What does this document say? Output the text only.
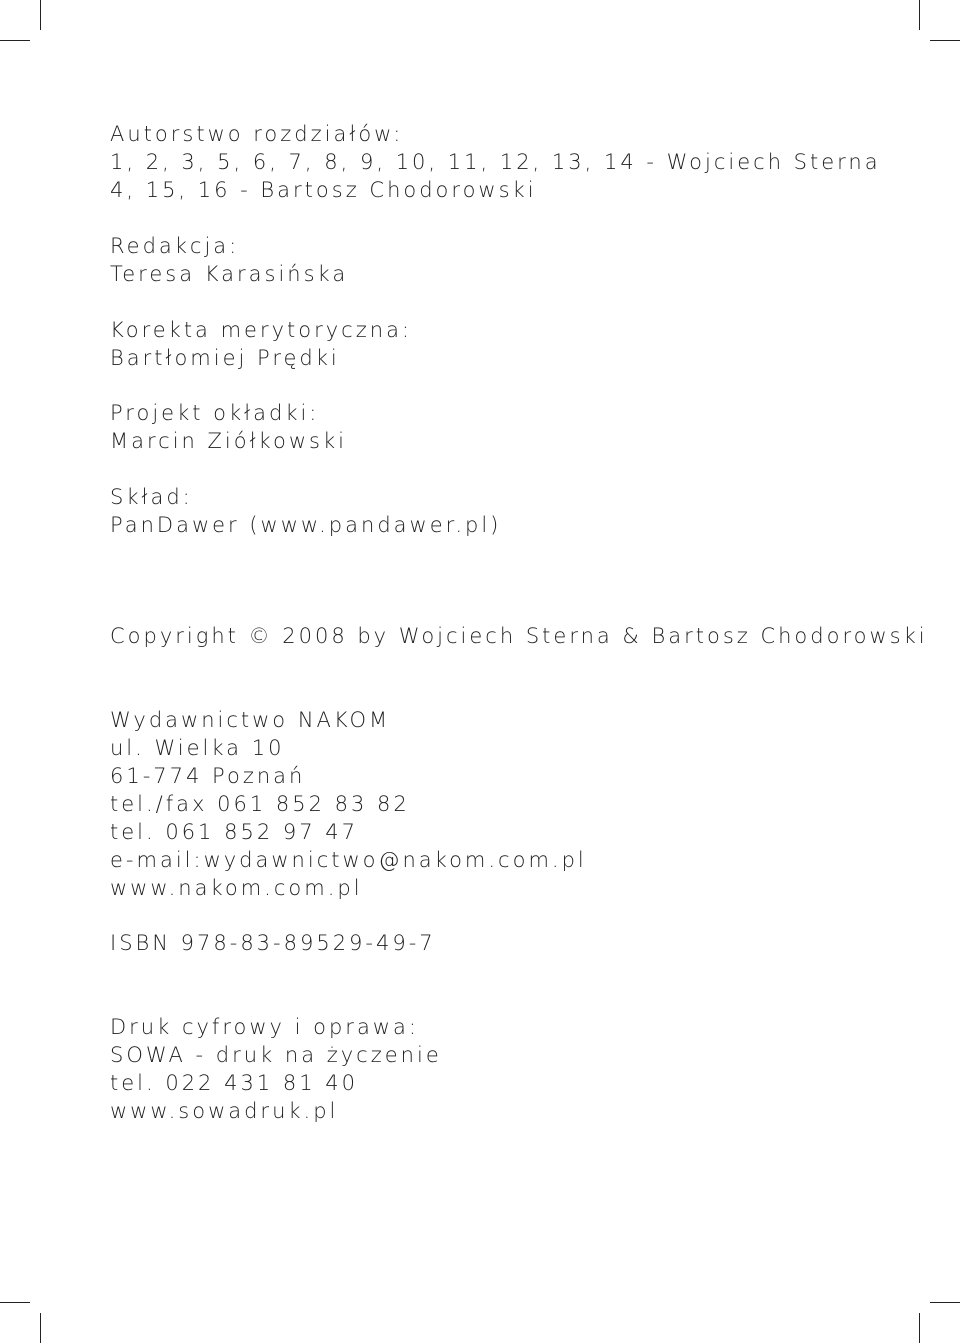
Autorstwo rozdziałów:
1, 2, 3, 5, 6, 7, 8, 9, 10, 11, 12, 13, 14 - Wojciech Sterna
4, 15, 16 - Bartosz Chodorowski
Redakcja:
Teresa Karasińska
Korekta merytoryczna:
Bartłomiej Prędki
Projekt okładki:
Marcin Ziółkowski
Skład:
PanDawer (www.pandawer.pl)
Copyright © 2008 by Wojciech Sterna & Bartosz Chodorowski
Wydawnictwo NAKOM
ul. Wielka 10
61-774 Poznań
tel./fax 061 852 83 82
tel. 061 852 97 47
e-mail:wydawnictwo@nakom.com.pl
www.nakom.com.pl
ISBN 978-83-89529-49-7
Druk cyfrowy i oprawa:
SOWA - druk na życzenie
tel. 022 431 81 40
www.sowadruk.pl
